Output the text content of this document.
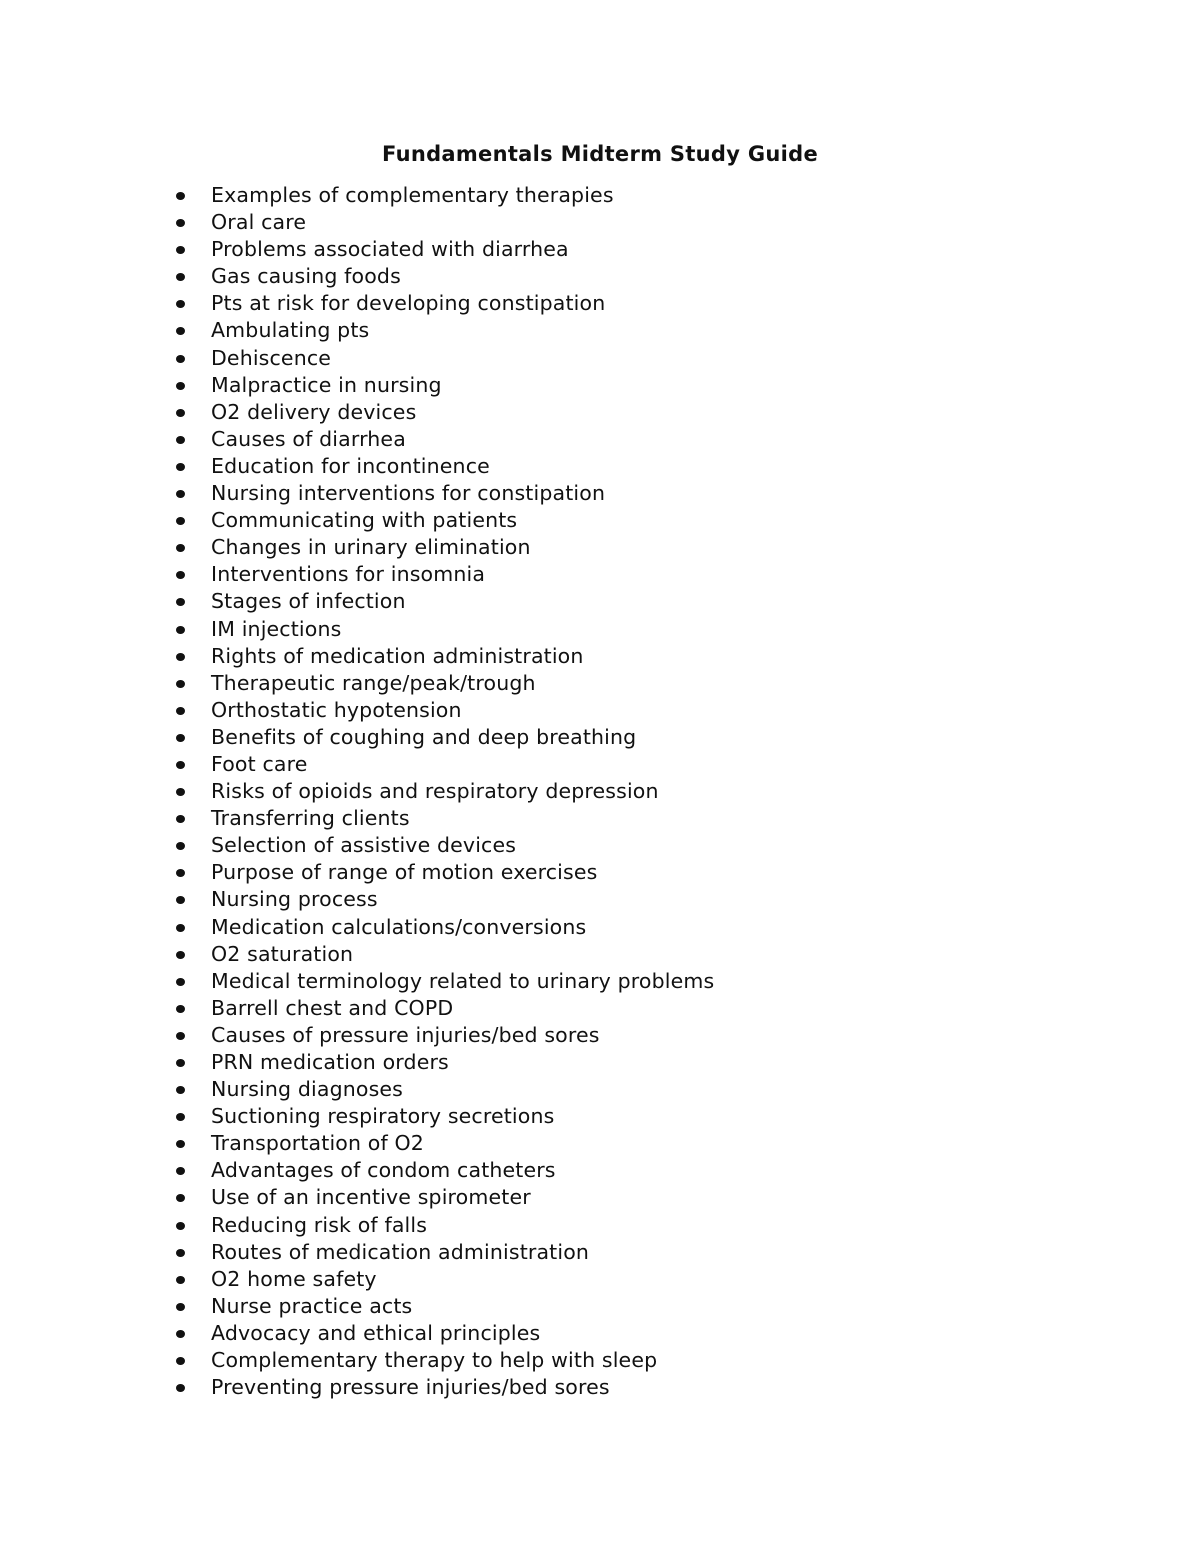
Fundamentals Midterm Study Guide
Examples of complementary therapies
Oral care
Problems associated with diarrhea
Gas causing foods
Pts at risk for developing constipation
Ambulating pts
Dehiscence
Malpractice in nursing
O2 delivery devices
Causes of diarrhea
Education for incontinence
Nursing interventions for constipation
Communicating with patients
Changes in urinary elimination
Interventions for insomnia
Stages of infection
IM injections
Rights of medication administration
Therapeutic range/peak/trough
Orthostatic hypotension
Benefits of coughing and deep breathing
Foot care
Risks of opioids and respiratory depression
Transferring clients
Selection of assistive devices
Purpose of range of motion exercises
Nursing process
Medication calculations/conversions
O2 saturation
Medical terminology related to urinary problems
Barrell chest and COPD
Causes of pressure injuries/bed sores
PRN medication orders
Nursing diagnoses
Suctioning respiratory secretions
Transportation of O2
Advantages of condom catheters
Use of an incentive spirometer
Reducing risk of falls
Routes of medication administration
O2 home safety
Nurse practice acts
Advocacy and ethical principles
Complementary therapy to help with sleep
Preventing pressure injuries/bed sores
